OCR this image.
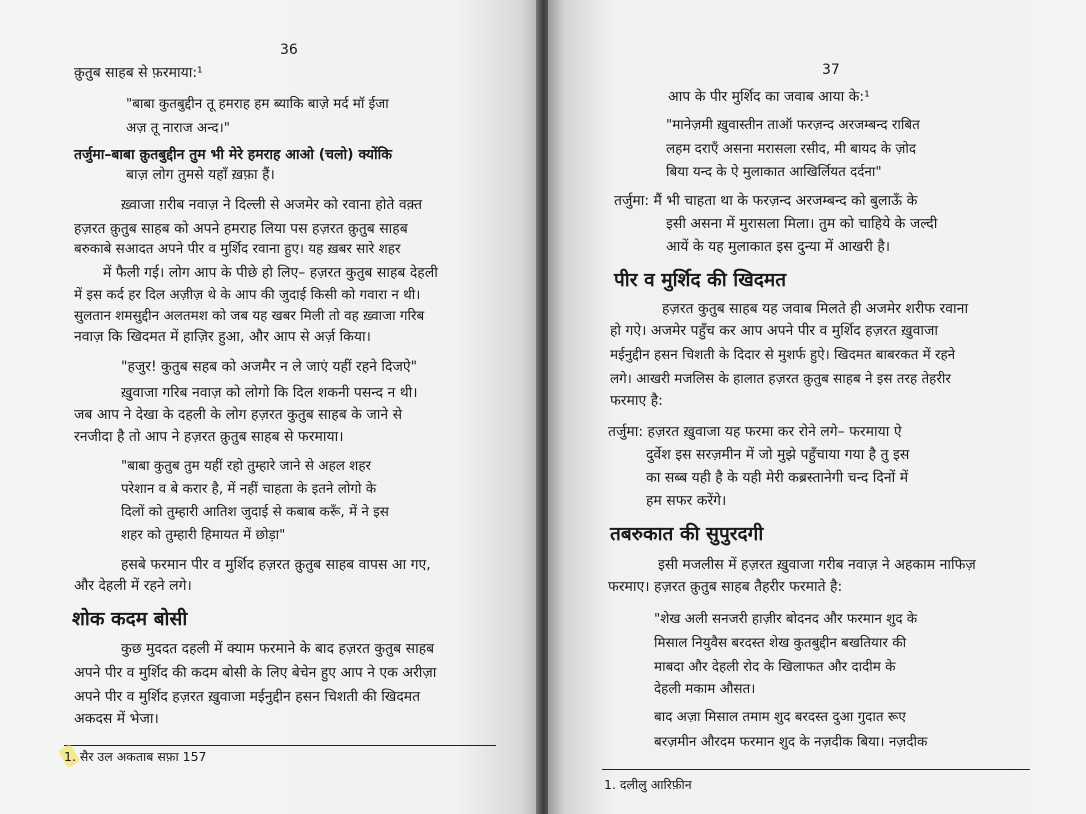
36
क़ुतुब साहब से फ़रमाया:¹
"बाबा कुतबुद्दीन तू हमराह हम ब्याकि बाज़े मर्द मॉ ईजा
अज़ तू नाराज अन्द।"
तर्जुमा–बाबा क़ुतबुद्दीन तुम भी मेरे हमराह आओ (चलो) क्योंकि
बाज़ लोग तुमसे यहाँ ख़फ़ा हैं।
ख़्वाजा ग़रीब नवाज़ ने दिल्ली से अजमेर को रवाना होते वक़्त
हज़रत क़ुतुब साहब को अपने हमराह लिया पस हज़रत क़ुतुब साहब
बरुकाबे सआदत अपने पीर व मुर्शिद रवाना हुए। यह ख़बर सारे शहर
में फैली गई। लोग आप के पीछे हो लिए– हज़रत कुतुब साहब देहली
में इस कर्द हर दिल अज़ीज़ थे के आप की जुदाई किसी को गवारा न थी।
सुलतान शमसुद्दीन अलतमश को जब यह खबर मिली तो वह ख़्वाजा गरिब
नवाज़ कि खिदमत में हाज़िर हुआ, और आप से अर्ज़ किया।
"हजुर! कुतुब सहब को अजमैर न ले जाएं यहीं रहने दिजऐ"
ख़ुवाजा गरिब नवाज़ को लोगो कि दिल शकनी पसन्द न थी।
जब आप ने देखा के दहली के लोग हज़रत कुतुब साहब के जाने से
रनजीदा है तो आप ने हज़रत क़ुतुब साहब से फरमाया।
"बाबा कुतुब तुम यहीं रहो तुम्हारे जाने से अहल शहर
परेशान व बे करार है, में नहीं चाहता के इतने लोगो के
दिलों को तुम्हारी आतिश जुदाई से कबाब करूँ, में ने इस
शहर को तुम्हारी हिमायत में छोड़ा"
हसबे फरमान पीर व मुर्शिद हज़रत क़ुतुब साहब वापस आ गए,
और देहली में रहने लगे।
शोक कदम बोसी
कुछ मुददत दहली में क्याम फरमाने के बाद हज़रत कुतुब साहब
अपने पीर व मुर्शिद की कदम बोसी के लिए बेचेन हुए आप ने एक अरीज़ा
अपने पीर व मुर्शिद हज़रत ख़ुवाजा मईनुद्दीन हसन चिशती की खिदमत
अकदस में भेजा।
1. सैर उल अकताब सफ़ा 157
37
आप के पीर मुर्शिद का जवाब आया के:¹
"मानेज़मी ख़ुवास्तीन ताऑ फरज़न्द अरजम्बन्द राबित
लहम दराएँ असना मरासला रसीद, मी बायद के ज़ोद
बिया यन्द के ऐ मुलाकात आखिर्लियत दर्दना"
तर्जुमा: मैं भी चाहता था के फरज़न्द अरजम्बन्द को बुलाऊँ के
इसी असना में मुरासला मिला। तुम को चाहिये के जल्दी
आयें के यह मुलाकात इस दुन्या में आखरी है।
पीर व मुर्शिद की खिदमत
हज़रत कुतुब साहब यह जवाब मिलते ही अजमेर शरीफ रवाना
हो गऐ। अजमेर पहुँच कर आप अपने पीर व मुर्शिद हज़रत ख़ुवाजा
मईनुद्दीन हसन चिशती के दिदार से मुशर्फ हुऐ। खिदमत बाबरकत में रहने
लगे। आखरी मजलिस के हालात हज़रत क़ुतुब साहब ने इस तरह तेहरीर
फरमाए है:
तर्जुमा: हज़रत ख़ुवाजा यह फरमा कर रोने लगे– फरमाया ऐ
दुर्वेश इस सरज़मीन में जो मुझे पहुँचाया गया है तु इस
का सब्ब यही है के यही मेरी कब्रस्तानेगी चन्द दिनों में
हम सफर करेंगे।
तबरुकात की सुपुरदगी
इसी मजलीस में हज़रत ख़ुवाजा गरीब नवाज़ ने अहकाम नाफिज़
फरमाए। हज़रत क़ुतुब साहब तैहरीर फरमाते है:
"शेख अली सनजरी हाज़ीर बोदनद और फरमान शुद के
मिसाल नियुवैस बरदस्त शेख कुतबुद्दीन बखतियार की
माबदा और देहली रोद के खिलाफत और दादीम के
देहली मकाम औसत।
बाद अज़ा मिसाल तमाम शुद बरदस्त दुआ गुदात रूए
बरज़मीन औरदम फरमान शुद के नज़दीक बिया। नज़दीक
1. दलीलु आरिफ़ीन
